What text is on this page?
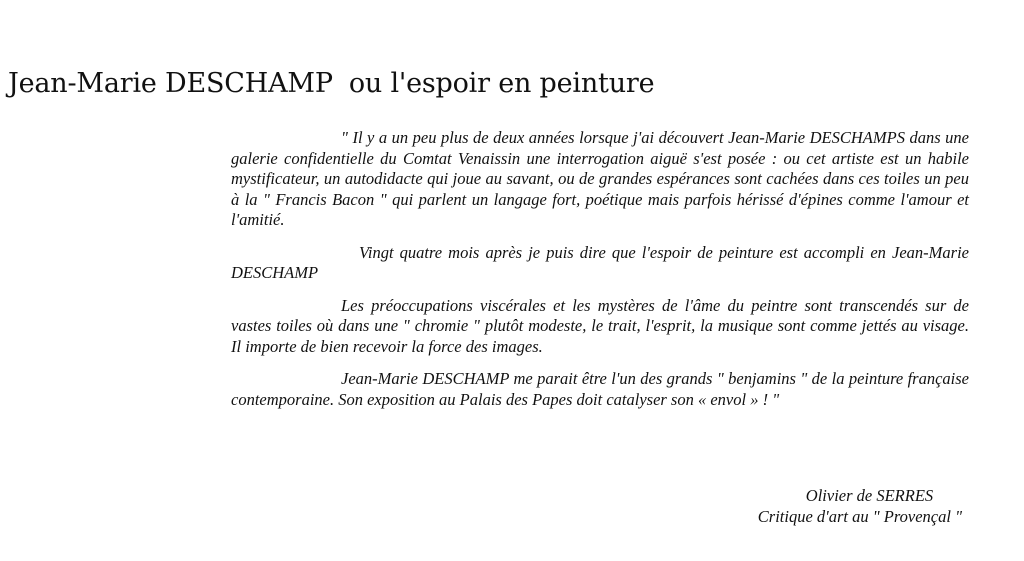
Jean-Marie DESCHAMP ou l'espoir en peinture

" Il y a un peu plus de deux années lorsque j'ai découvert Jean-Marie DESCHAMPS dans une galerie confidentielle du Comtat Venaissin une interrogation aiguë s'est posée : ou cet artiste est un habile mystificateur, un autodidacte qui joue au savant, ou de grandes espérances sont cachées dans ces toiles un peu à la " Francis Bacon " qui parlent un langage fort, poétique mais parfois hérissé d'épines comme l'amour et l'amitié.

Vingt quatre mois après je puis dire que l'espoir de peinture est accompli en Jean-Marie DESCHAMP

Les préoccupations viscérales et les mystères de l'âme du peintre sont transcendés sur de vastes toiles où dans une " chromie " plutôt modeste, le trait, l'esprit, la musique sont comme jettés au visage. Il importe de bien recevoir la force des images.

Jean-Marie DESCHAMP me parait être l'un des grands " benjamins " de la peinture française contemporaine. Son exposition au Palais des Papes doit catalyser son « envol » ! "

Olivier de SERRES
Critique d'art au " Provençal "
